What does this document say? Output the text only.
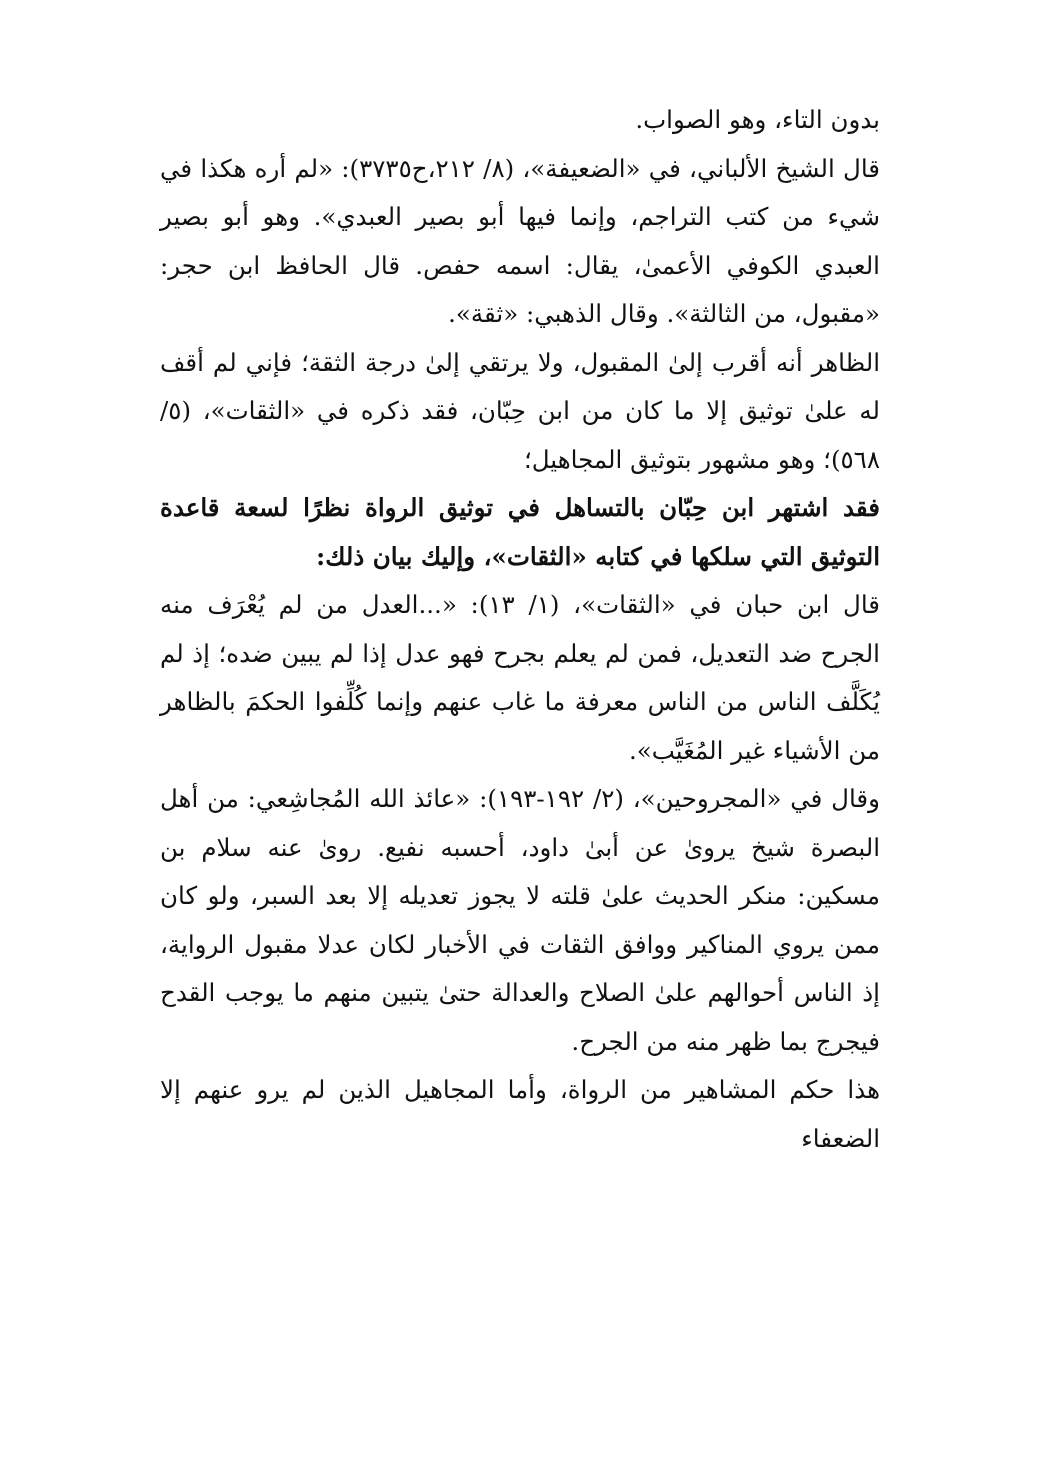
بدون التاء، وهو الصواب.

قال الشيخ الألباني، في «الضعيفة»، (٨/ ٢١٢،ح٣٧٣٥): «لم أره هكذا في شيء من كتب التراجم، وإنما فيها أبو بصير العبدي». وهو أبو بصير العبدي الكوفي الأعمىٰ، يقال: اسمه حفص. قال الحافظ ابن حجر: «مقبول، من الثالثة». وقال الذهبي: «ثقة».

الظاهر أنه أقرب إلىٰ المقبول، ولا يرتقي إلىٰ درجة الثقة؛ فإني لم أقف له علىٰ توثيق إلا ما كان من ابن حِبّان، فقد ذكره في «الثقات»، (٥/ ٥٦٨)؛ وهو مشهور بتوثيق المجاهيل؛

فقد اشتهر ابن حِبّان بالتساهل في توثيق الرواة نظرًا لسعة قاعدة التوثيق التي سلكها في كتابه «الثقات»، وإليك بيان ذلك:

قال ابن حبان في «الثقات»، (١/ ١٣): «...العدل من لم يُعْرَف منه الجرح ضد التعديل، فمن لم يعلم بجرح فهو عدل إذا لم يبين ضده؛ إذ لم يُكَلَّف الناس من الناس معرفة ما غاب عنهم وإنما كُلِّفوا الحكمَ بالظاهر من الأشياء غير المُغَيَّب».

وقال في «المجروحين»، (٢/ ١٩٢-١٩٣): «عائذ الله المُجاشِعي: من أهل البصرة شيخ يروىٰ عن أبىٰ داود، أحسبه نفيع. روىٰ عنه سلام بن مسكين: منكر الحديث علىٰ قلته لا يجوز تعديله إلا بعد السبر، ولو كان ممن يروي المناكير ووافق الثقات في الأخبار لكان عدلا مقبول الرواية، إذ الناس أحوالهم علىٰ الصلاح والعدالة حتىٰ يتبين منهم ما يوجب القدح فيجرج بما ظهر منه من الجرح.

هذا حكم المشاهير من الرواة، وأما المجاهيل الذين لم يرو عنهم إلا الضعفاء
